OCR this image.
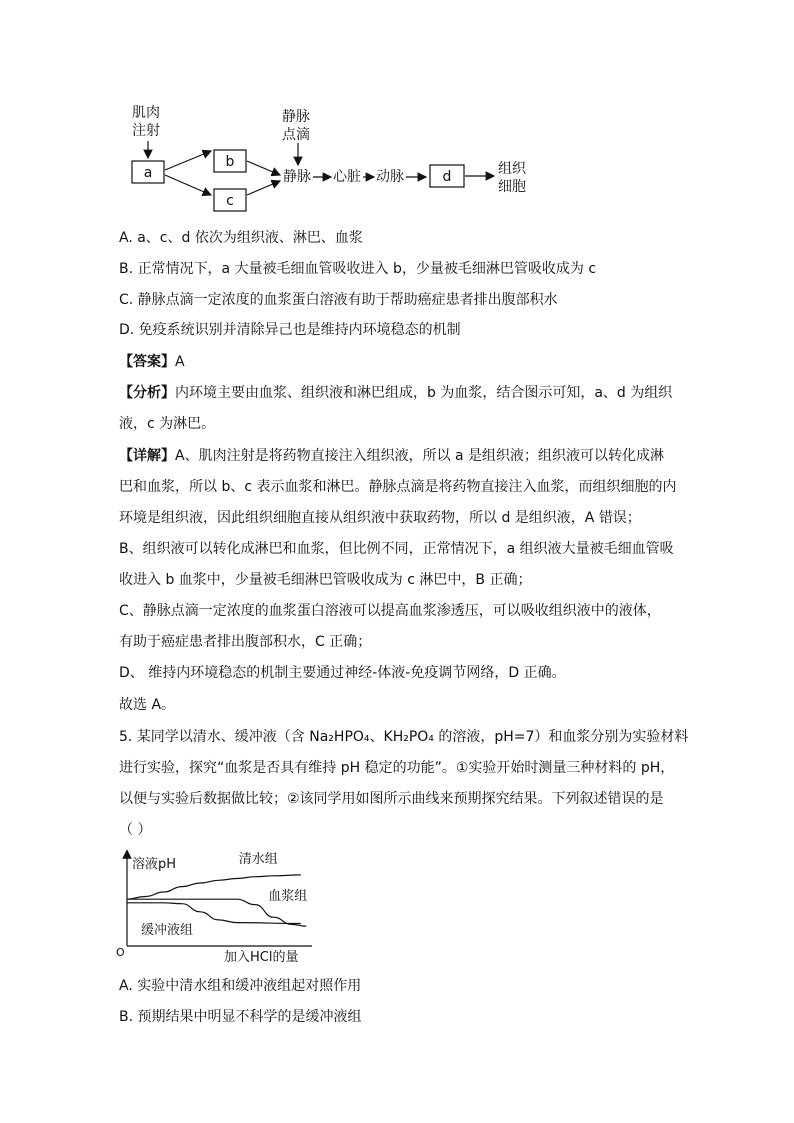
肌肉
注射
a
b
c
静脉
点滴
静脉 心脏 动脉	d	组织
细胞
A. a、c、d 依次为组织液、淋巴、血浆
B. 正常情况下，a 大量被毛细血管吸收进入 b，少量被毛细淋巴管吸收成为 c
C. 静脉点滴一定浓度的血浆蛋白溶液有助于帮助癌症患者排出腹部积水
D. 免疫系统识别并清除异己也是维持内环境稳态的机制
【答案】A
【分析】内环境主要由血浆、组织液和淋巴组成，b 为血浆，结合图示可知，a、d 为组织
液，c 为淋巴。
【详解】A、肌肉注射是将药物直接注入组织液，所以 a 是组织液；组织液可以转化成淋
巴和血浆，所以 b、c 表示血浆和淋巴。静脉点滴是将药物直接注入血浆，而组织细胞的内
环境是组织液，因此组织细胞直接从组织液中获取药物，所以 d 是组织液，A 错误；
B、组织液可以转化成淋巴和血浆，但比例不同，正常情况下，a 组织液大量被毛细血管吸
收进入 b 血浆中，少量被毛细淋巴管吸收成为 c 淋巴中，B 正确；
C、静脉点滴一定浓度的血浆蛋白溶液可以提高血浆渗透压，可以吸收组织液中的液体，
有助于癌症患者排出腹部积水，C 正确；
D、 维持内环境稳态的机制主要通过神经-体液-免疫调节网络，D 正确。
故选 A。
5. 某同学以清水、缓冲液（含 Na₂HPO₄、KH₂PO₄ 的溶液，pH=7）和血浆分别为实验材料
进行实验，探究“血浆是否具有维持 pH 稳定的功能”。①实验开始时测量三种材料的 pH，
以便与实验后数据做比较；②该同学用如图所示曲线来预期探究结果。下列叙述错误的是
（ ）
溶液pH
O	加入HCl的量
清水组
血浆组
缓冲液组
A. 实验中清水组和缓冲液组起对照作用
B. 预期结果中明显不科学的是缓冲液组
